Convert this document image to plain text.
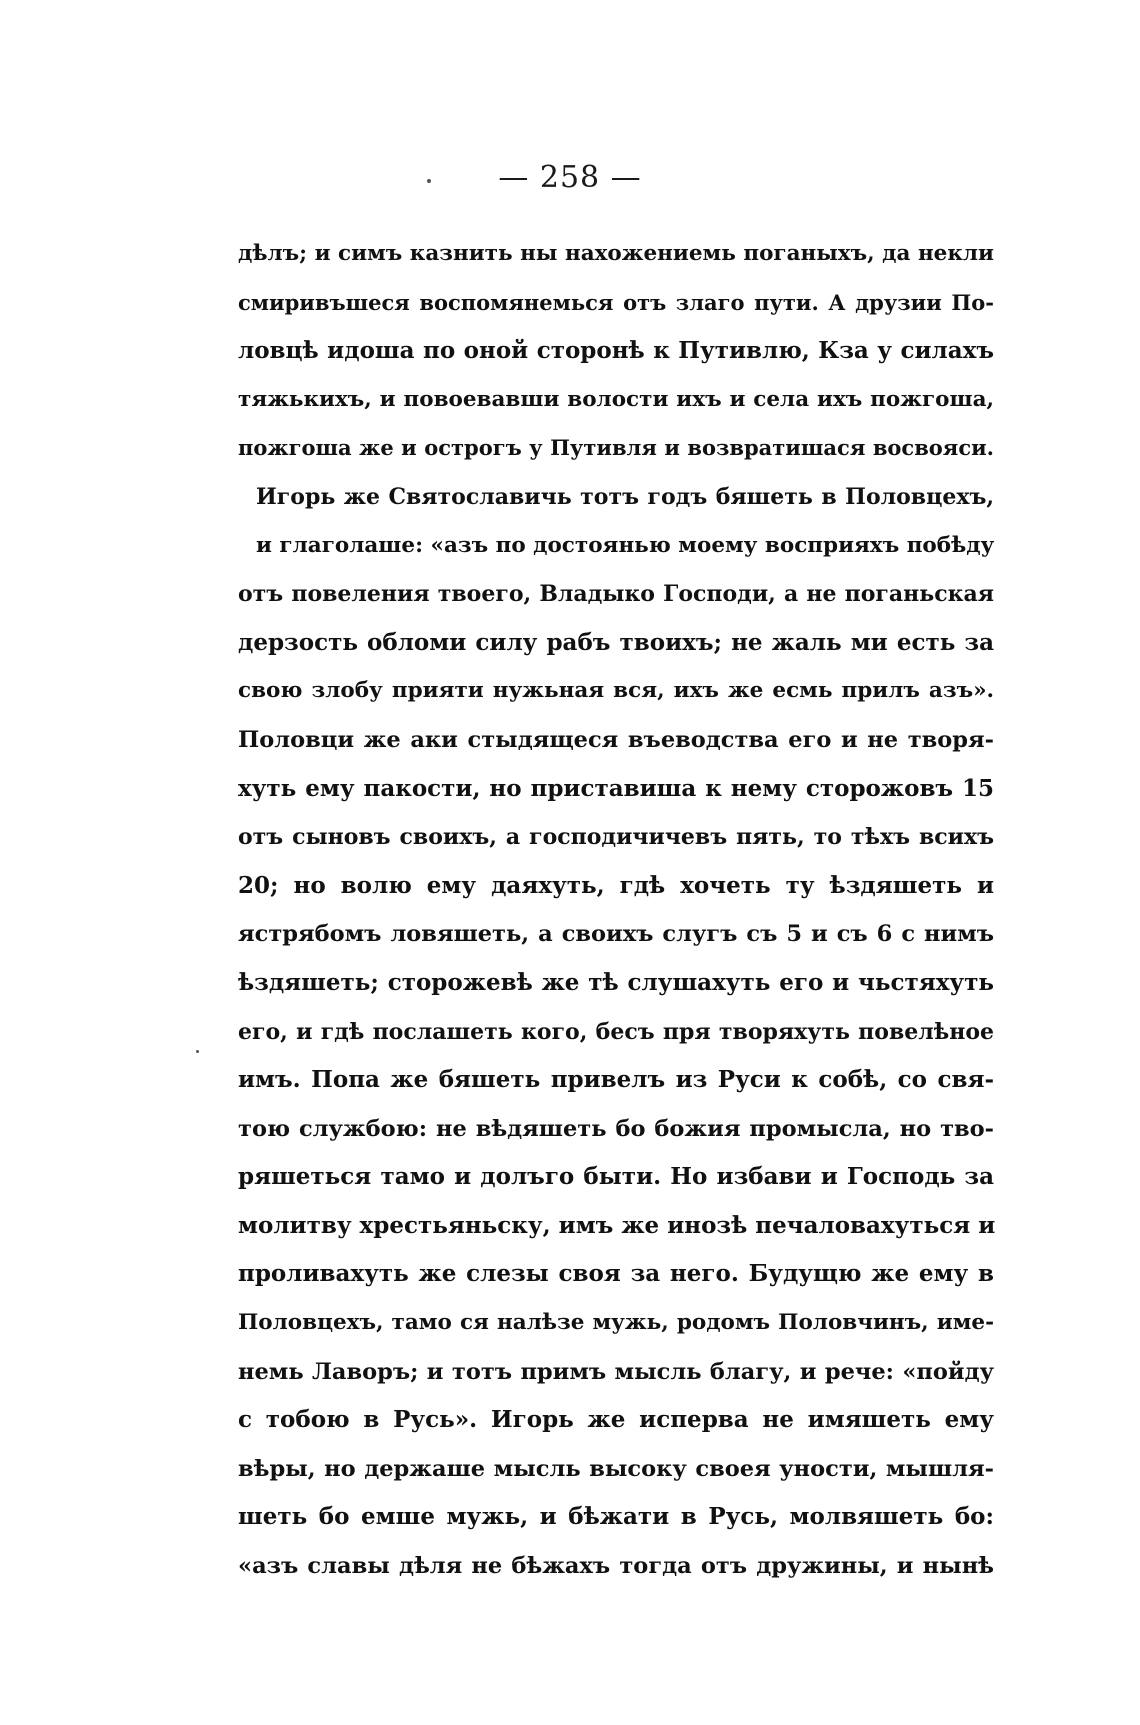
— 258 —
дѣлъ; и симъ казнить ны нахожениемь поганыхъ, да некли
смиривъшеся воспомянемься отъ злаго пути. А друзии По-
ловцѣ идоша по оной сторонѣ к Путивлю, Кза у силахъ
тяжькихъ, и повоевавши волости ихъ и села ихъ пожгоша,
пожгоша же и острогъ у Путивля и возвратишася восвояси.
Игорь же Святославичь тотъ годъ бяшеть в Половцехъ,
и глаголаше: «азъ по достоянью моему восприяхъ побѣду
отъ повеления твоего, Владыко Господи, а не поганьская
дерзость обломи силу рабъ твоихъ; не жаль ми есть за
свою злобу прияти нужьная вся, ихъ же есмь прилъ азъ».
Половци же аки стыдящеся въеводства его и не творя-
хуть ему пакости, но приставиша к нему сторожовъ 15
отъ сыновъ своихъ, а господичичевъ пять, то тѣхъ всихъ
20; но волю ему даяхуть, гдѣ хочеть ту ѣздяшеть и
ястрябомъ ловяшеть, а своихъ слугъ съ 5 и съ 6 с нимъ
ѣздяшеть; сторожевѣ же тѣ слушахуть его и чьстяхуть
его, и гдѣ послашеть кого, бесъ пря творяхуть повелѣное
имъ. Попа же бяшеть привелъ из Руси к собѣ, со свя-
тою службою: не вѣдяшеть бо божия промысла, но тво-
ряшеться тамо и долъго быти. Но избави и Господь за
молитву хрестьяньску, имъ же инозѣ печаловахуться и
проливахуть же слезы своя за него. Будущю же ему в
Половцехъ, тамо ся налѣзе мужь, родомъ Половчинъ, име-
немь Лаворъ; и тотъ примъ мысль благу, и рече: «пойду
с тобою в Русь». Игорь же исперва не имяшеть ему
вѣры, но держаше мысль высоку своея уности, мышля-
шеть бо емше мужь, и бѣжати в Русь, молвяшеть бо:
«азъ славы дѣля не бѣжахъ тогда отъ дружины, и нынѣ
